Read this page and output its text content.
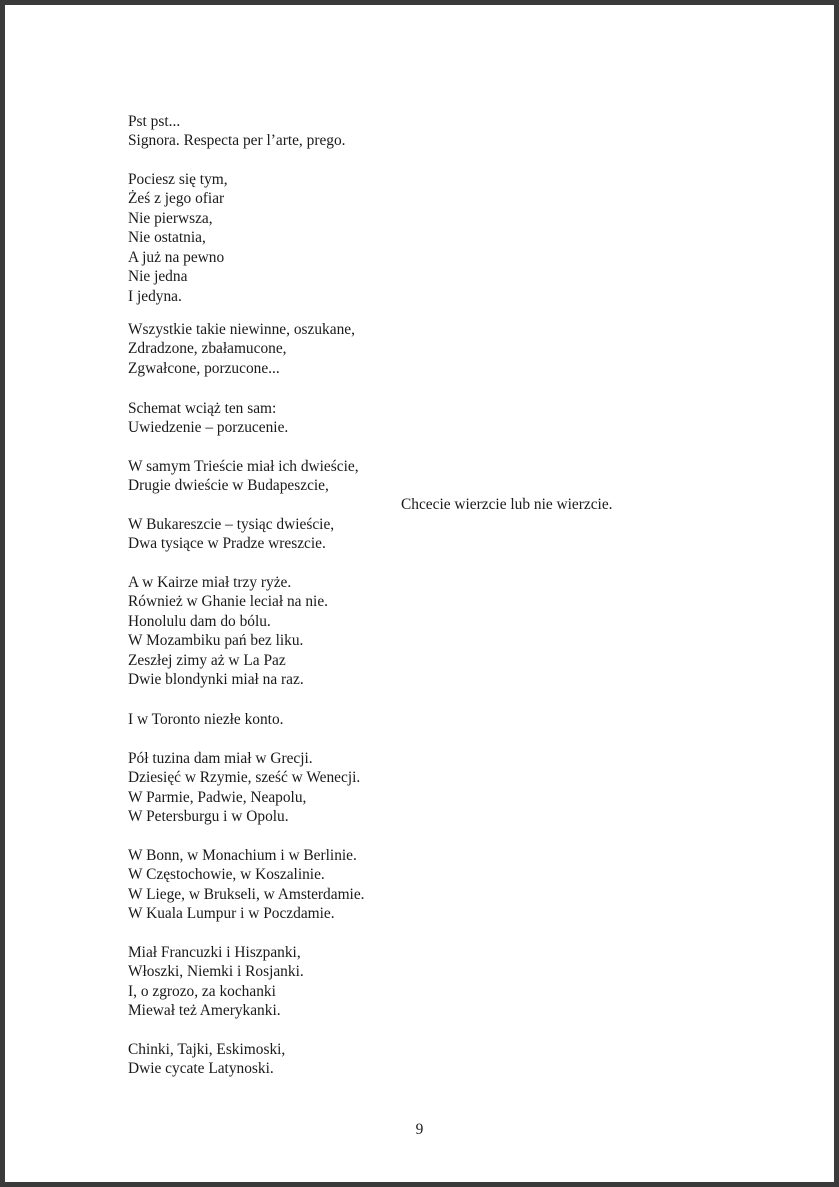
Pst pst...
Signora. Respecta per l’arte, prego.
Pociesz się tym,
Żeś z jego ofiar
Nie pierwsza,
Nie ostatnia,
A już na pewno
Nie jedna
I jedyna.
Wszystkie takie niewinne, oszukane,
Zdradzone, zbałamucone,
Zgwałcone, porzucone...
Schemat wciąż ten sam:
Uwiedzenie – porzucenie.
W samym Trieście miał ich dwieście,
Drugie dwieście w Budapeszcie,
Chcecie wierzcie lub nie wierzcie.
W Bukareszcie – tysiąc dwieście,
Dwa tysiące w Pradze wreszcie.
A w Kairze miał trzy ryże.
Również w Ghanie leciał na nie.
Honolulu dam do bólu.
W Mozambiku pań bez liku.
Zeszłej zimy aż w La Paz
Dwie blondynki miał na raz.
I w Toronto niezłe konto.
Pół tuzina dam miał w Grecji.
Dziesięć w Rzymie, sześć w Wenecji.
W Parmie, Padwie, Neapolu,
W Petersburgu i w Opolu.
W Bonn, w Monachium i w Berlinie.
W Częstochowie, w Koszalinie.
W Liege, w Brukseli, w Amsterdamie.
W Kuala Lumpur i w Poczdamie.
Miał Francuzki i Hiszpanki,
Włoszki, Niemki i Rosjanki.
I, o zgrozo, za kochanki
Miewał też Amerykanki.
Chinki, Tajki, Eskimoski,
Dwie cycate Latynoski.
9
